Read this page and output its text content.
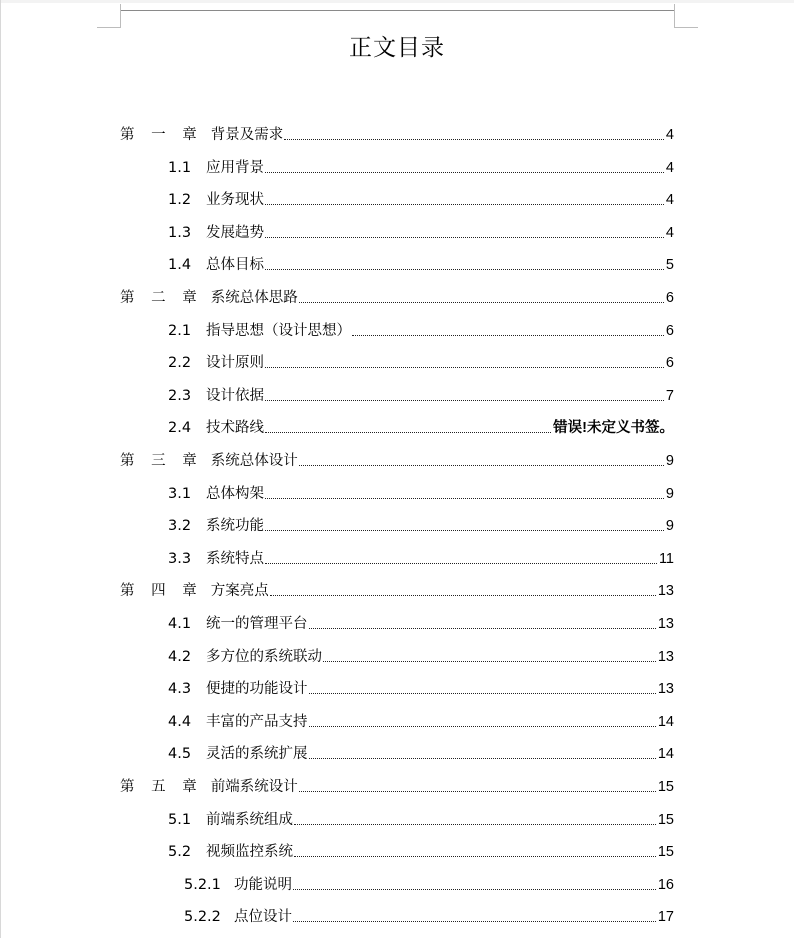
正文目录
第 一 章 背景及需求	4
1.1	应用背景	4
1.2	业务现状	4
1.3	发展趋势	4
1.4	总体目标	5
第 二 章 系统总体思路	6
2.1	指导思想（设计思想）	6
2.2	设计原则	6
2.3	设计依据	7
2.4	技术路线	错误!未定义书签。
第 三 章 系统总体设计	9
3.1	总体构架	9
3.2	系统功能	9
3.3	系统特点	11
第 四 章 方案亮点	13
4.1	统一的管理平台	13
4.2	多方位的系统联动	13
4.3	便捷的功能设计	13
4.4	丰富的产品支持	14
4.5	灵活的系统扩展	14
第 五 章 前端系统设计	15
5.1	前端系统组成	15
5.2	视频监控系统	15
5.2.1 功能说明	16
5.2.2 点位设计	17
